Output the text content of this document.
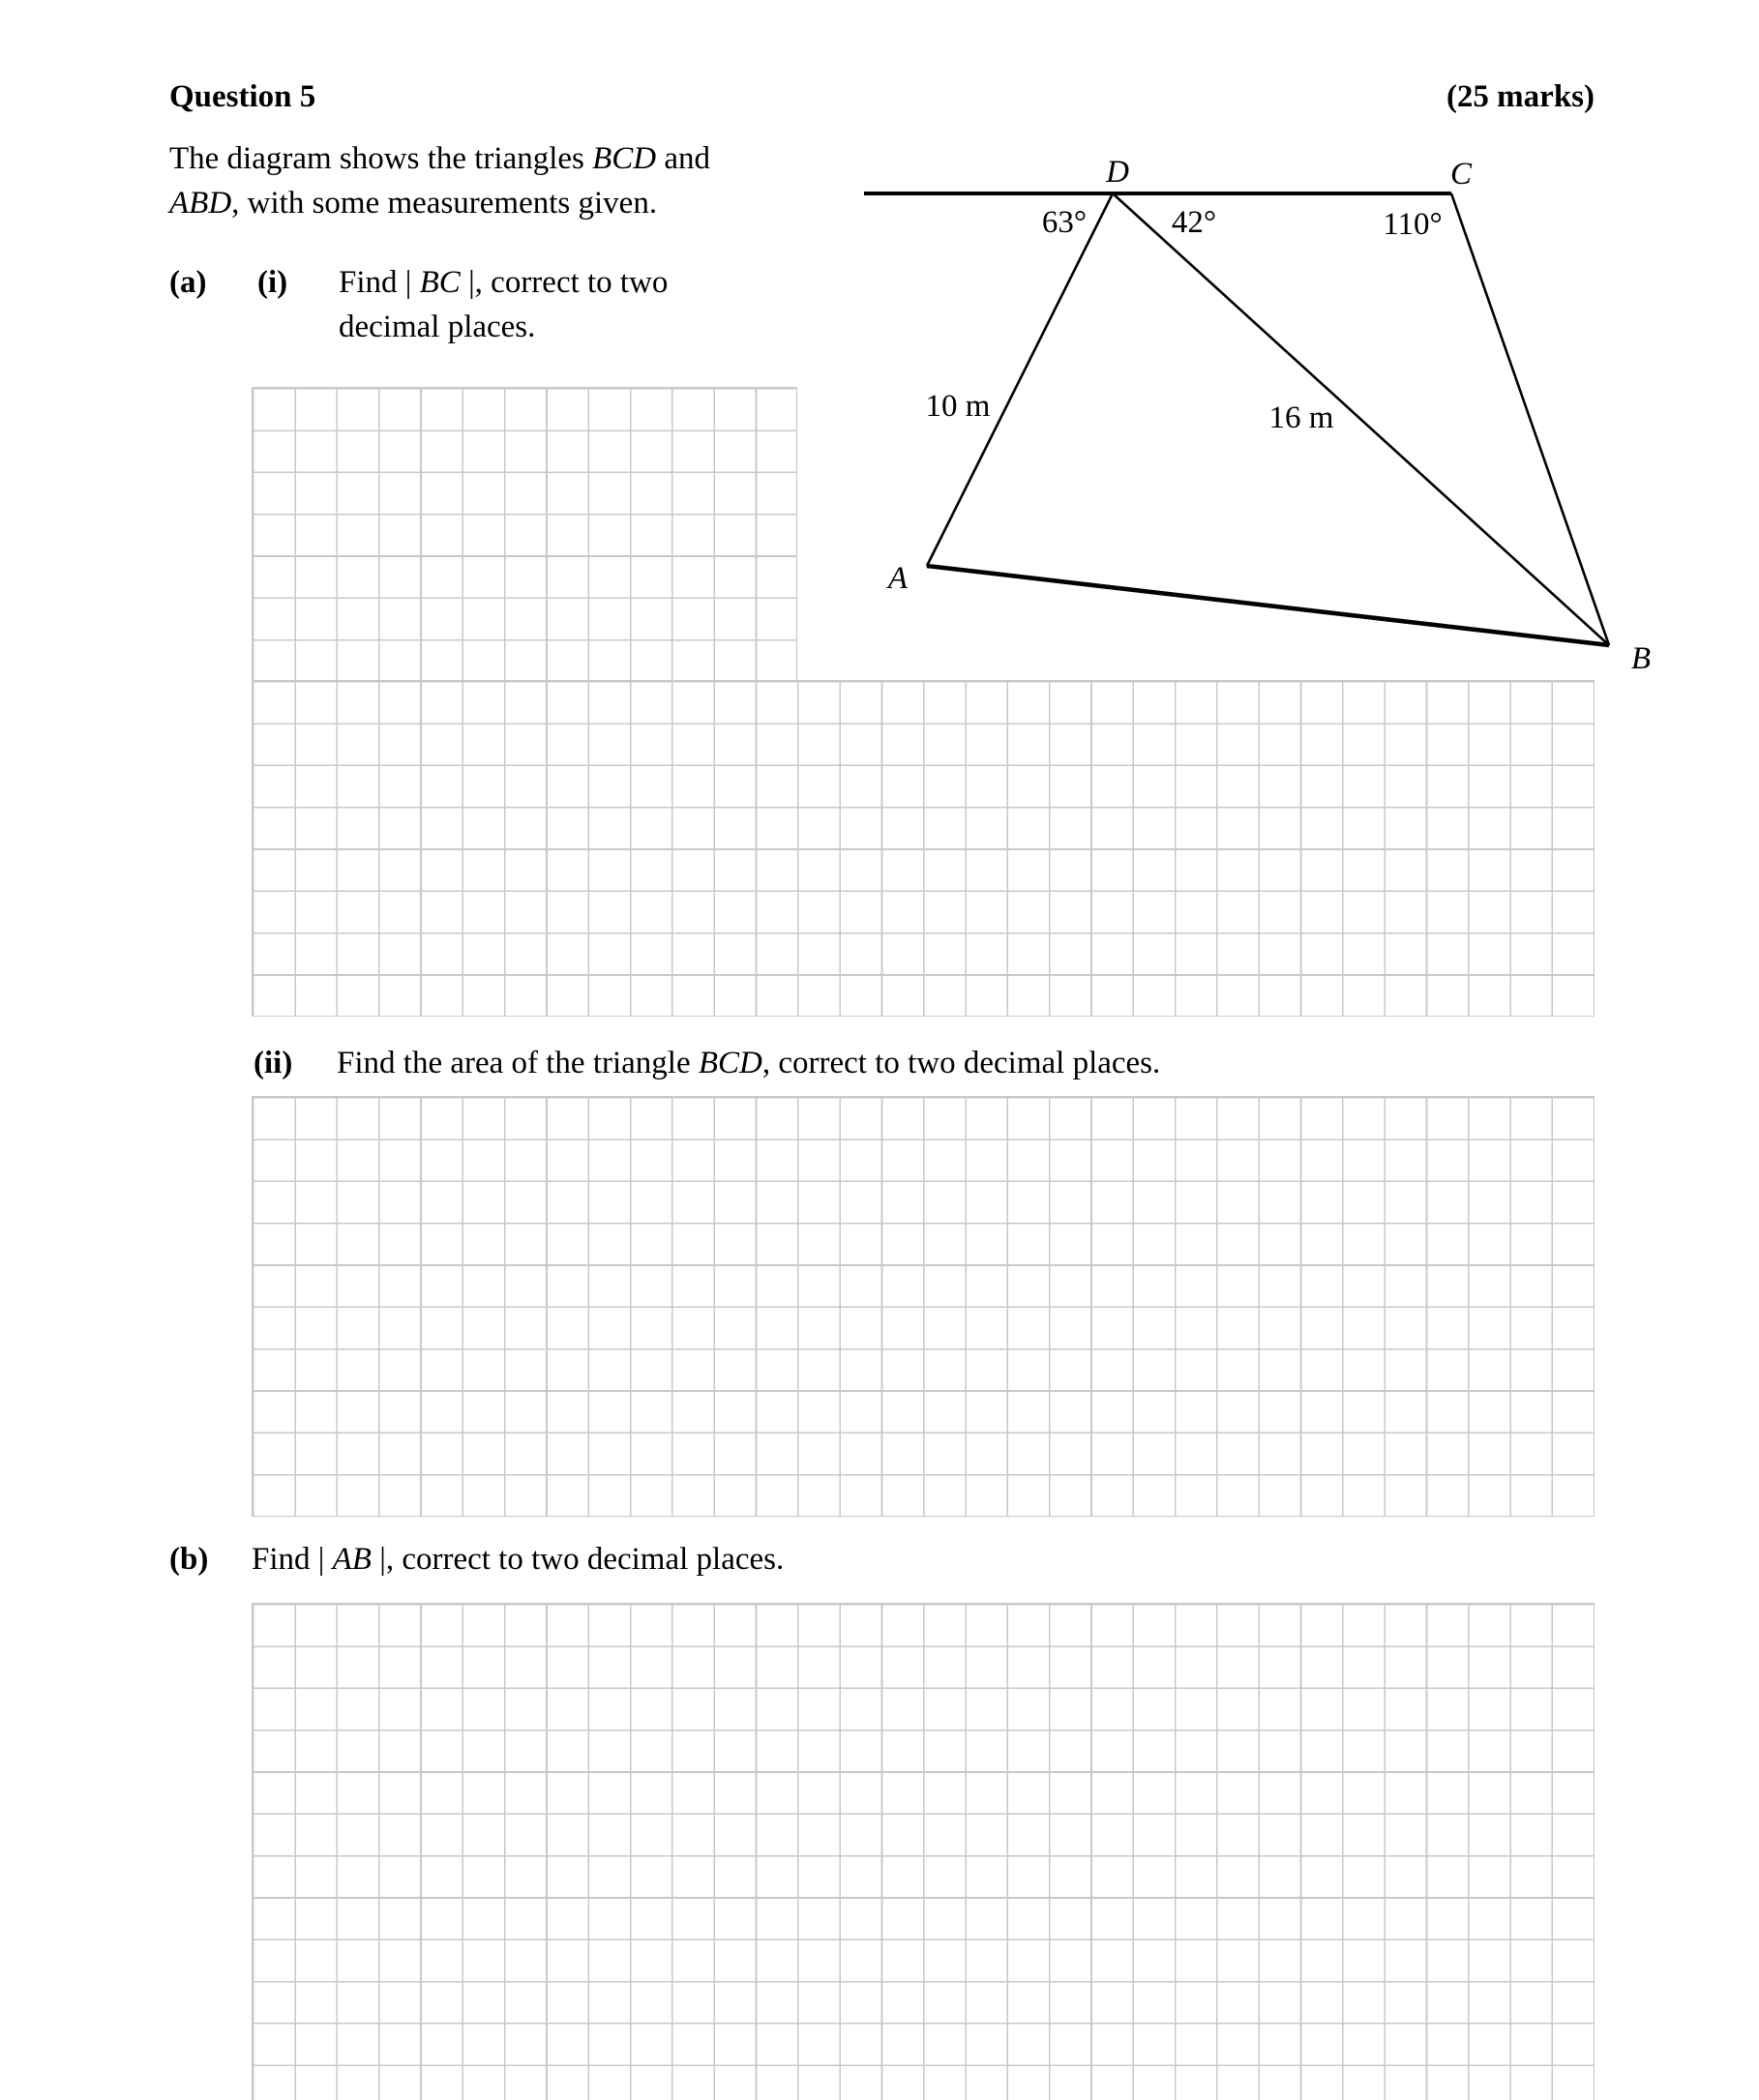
Question 5	(25 marks)
The diagram shows the triangles BCD and
ABD, with some measurements given.
(a) (i) Find | BC |, correct to two
decimal places.
D	C
A
B
63°	42°	110°
10 m	16 m
(ii) Find the area of the triangle BCD, correct to two decimal places.
(b) Find | AB |, correct to two decimal places.
